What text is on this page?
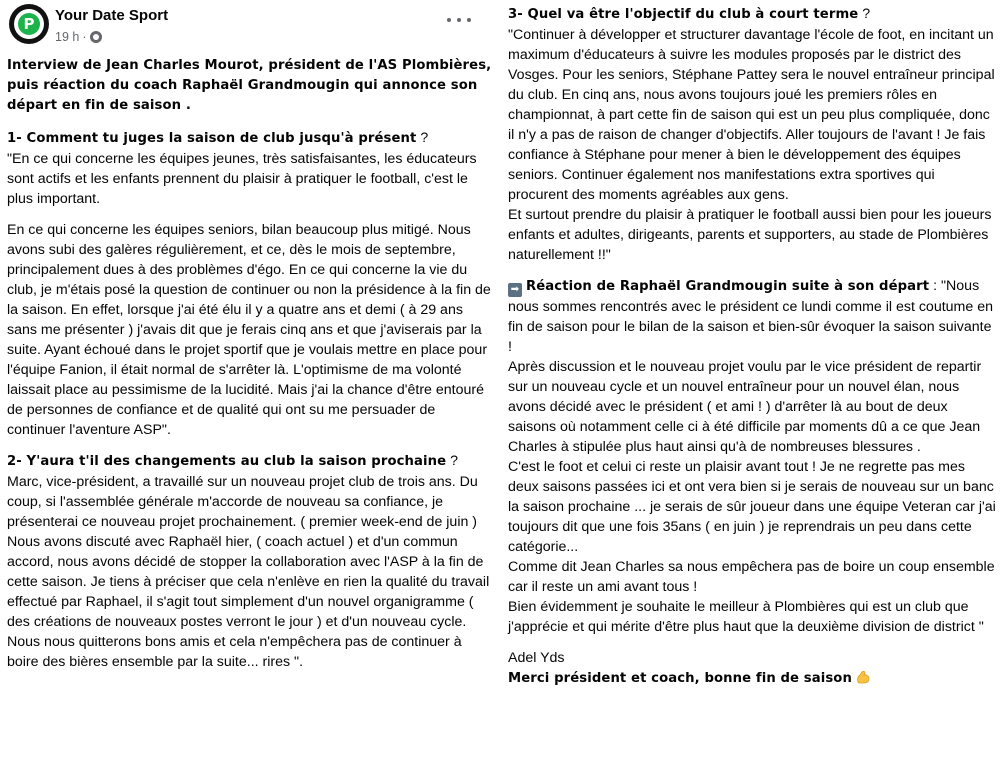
P	Your Date Sport
19 h ·

Interview de Jean Charles Mourot, président de l'AS Plombières, puis réaction du coach Raphaël Grandmougin qui annonce son départ en fin de saison .

1- Comment tu juges la saison de club jusqu'à présent ?

"En ce qui concerne les équipes jeunes, très satisfaisantes, les éducateurs sont actifs et les enfants prennent du plaisir à pratiquer le football, c'est le plus important.

En ce qui concerne les équipes seniors, bilan beaucoup plus mitigé. Nous avons subi des galères régulièrement, et ce, dès le mois de septembre, principalement dues à des problèmes d'égo. En ce qui concerne la vie du club, je m'étais posé la question de continuer ou non la présidence à la fin de la saison. En effet, lorsque j'ai été élu il y a quatre ans et demi ( à 29 ans sans me présenter ) j'avais dit que je ferais cinq ans et que j'aviserais par la suite. Ayant échoué dans le projet sportif que je voulais mettre en place pour l'équipe Fanion, il était normal de s'arrêter là. L'optimisme de ma volonté laissait place au pessimisme de la lucidité. Mais j'ai la chance d'être entouré de personnes de confiance et de qualité qui ont su me persuader de continuer l'aventure ASP".

2- Y'aura t'il des changements au club la saison prochaine ?

Marc, vice-président, a travaillé sur un nouveau projet club de trois ans. Du coup, si l'assemblée générale m'accorde de nouveau sa confiance, je présenterai ce nouveau projet prochainement. ( premier week-end de juin ) Nous avons discuté avec Raphaël hier, ( coach actuel ) et d'un commun accord, nous avons décidé de stopper la collaboration avec l'ASP à la fin de cette saison. Je tiens à préciser que cela n'enlève en rien la qualité du travail effectué par Raphael, il s'agit tout simplement d'un nouvel organigramme ( des créations de nouveaux postes verront le jour ) et d'un nouveau cycle. Nous nous quitterons bons amis et cela n'empêchera pas de continuer à boire des bières ensemble par la suite... rires ".

3- Quel va être l'objectif du club à court terme ?

"Continuer à développer et structurer davantage l'école de foot, en incitant un maximum d'éducateurs à suivre les modules proposés par le district des Vosges. Pour les seniors, Stéphane Pattey sera le nouvel entraîneur principal du club. En cinq ans, nous avons toujours joué les premiers rôles en championnat, à part cette fin de saison qui est un peu plus compliquée, donc il n'y a pas de raison de changer d'objectifs. Aller toujours de l'avant ! Je fais confiance à Stéphane pour mener à bien le développement des équipes seniors. Continuer également nos manifestations extra sportives qui procurent des moments agréables aux gens.

Et surtout prendre du plaisir à pratiquer le football aussi bien pour les joueurs enfants et adultes, dirigeants, parents et supporters, au stade de Plombières naturellement !!"

➡ Réaction de Raphaël Grandmougin suite à son départ : "Nous nous sommes rencontrés avec le président ce lundi comme il est coutume en fin de saison pour le bilan de la saison et bien-sûr évoquer la saison suivante !

Après discussion et le nouveau projet voulu par le vice président de repartir sur un nouveau cycle et un nouvel entraîneur pour un nouvel élan, nous avons décidé avec le président ( et ami ! ) d'arrêter là au bout de deux saisons où notamment celle ci à été difficile par moments dû a ce que Jean Charles à stipulée plus haut ainsi qu'à de nombreuses blessures .

C'est le foot et celui ci reste un plaisir avant tout ! Je ne regrette pas mes deux saisons passées ici et ont vera bien si je serais de nouveau sur un banc la saison prochaine ... je serais de sûr joueur dans une équipe Veteran car j'ai toujours dit que une fois 35ans ( en juin ) je reprendrais un peu dans cette catégorie...

Comme dit Jean Charles sa nous empêchera pas de boire un coup ensemble car il reste un ami avant tous !

Bien évidemment je souhaite le meilleur à Plombières qui est un club que j'apprécie et qui mérite d'être plus haut que la deuxième division de district "

Adel Yds

Merci président et coach, bonne fin de saison
